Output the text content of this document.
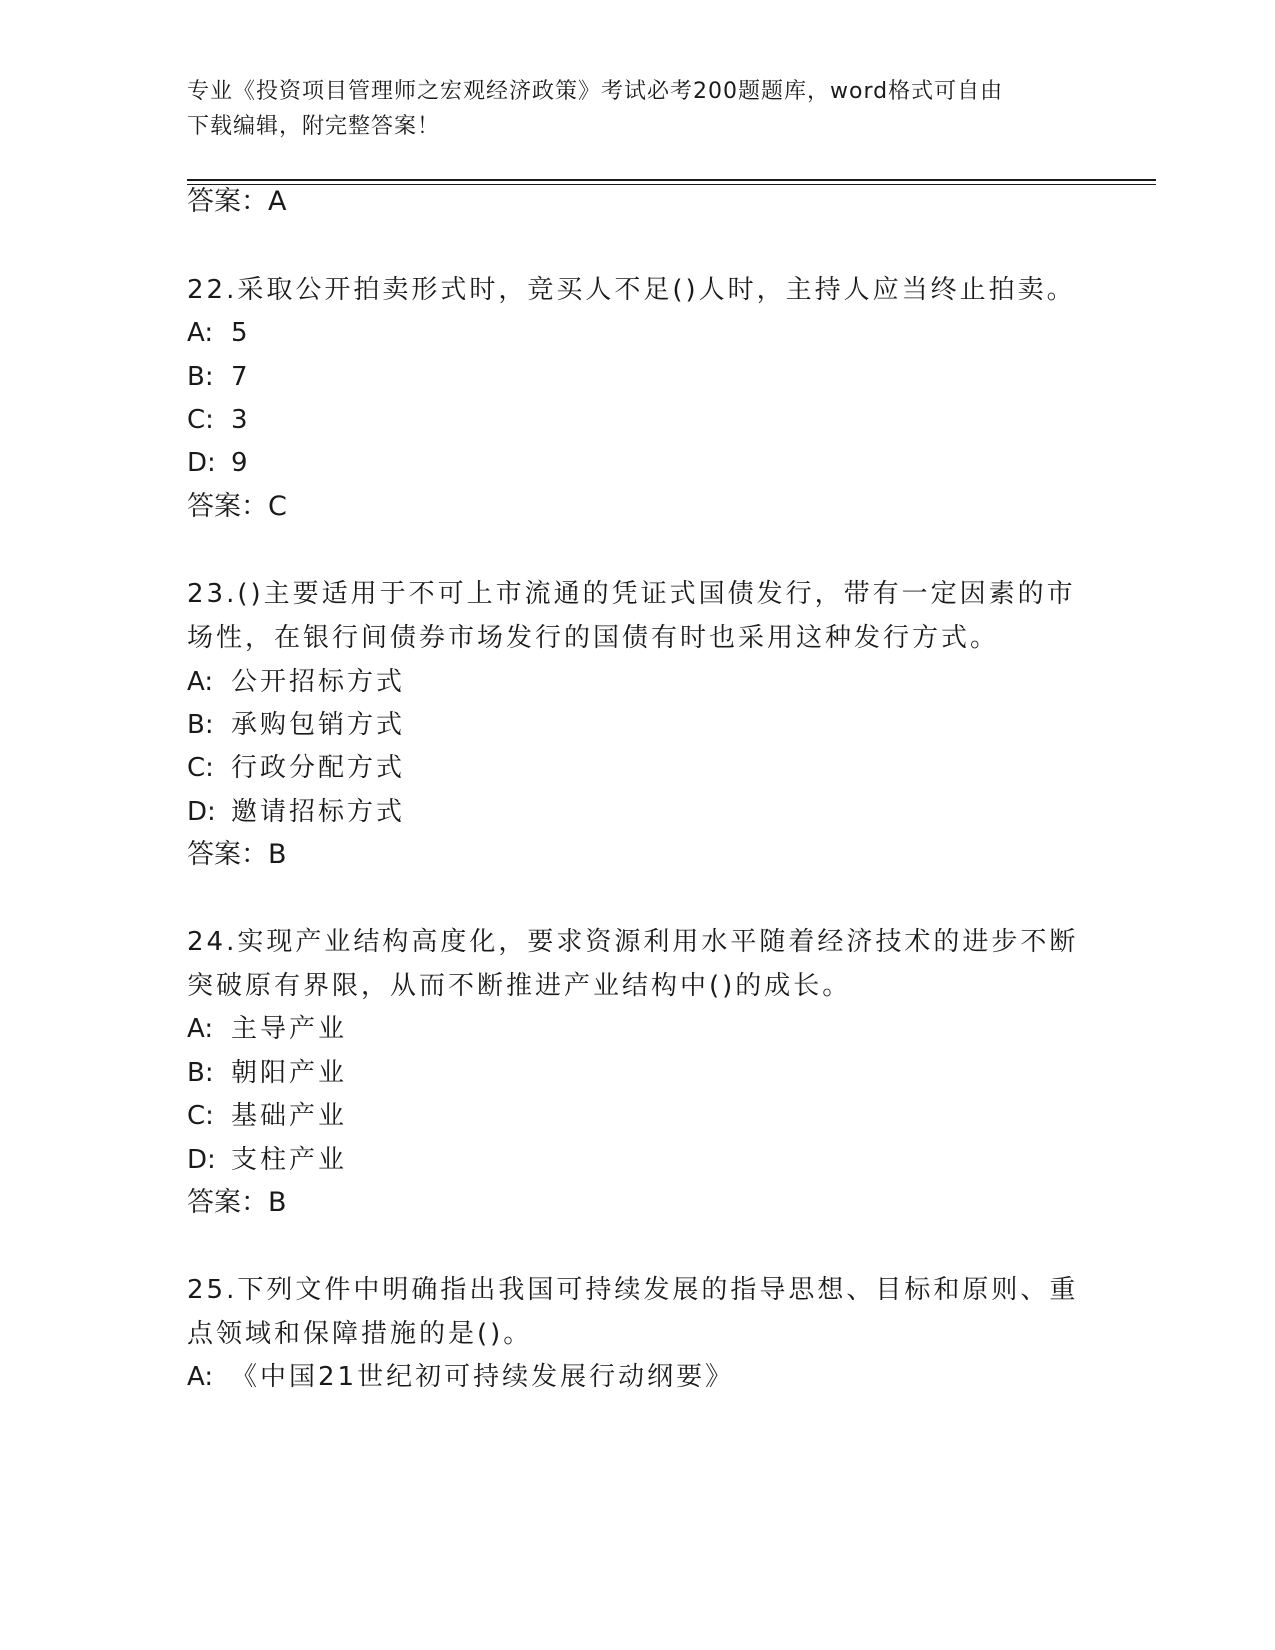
专业《投资项目管理师之宏观经济政策》考试必考200题题库，word格式可自由
下载编辑，附完整答案！
答案：A
22.采取公开拍卖形式时，竞买人不足()人时，主持人应当终止拍卖。
A: 5
B: 7
C: 3
D: 9
答案：C
23.()主要适用于不可上市流通的凭证式国债发行，带有一定因素的市
场性，在银行间债券市场发行的国债有时也采用这种发行方式。
A: 公开招标方式
B: 承购包销方式
C: 行政分配方式
D: 邀请招标方式
答案：B
24.实现产业结构高度化，要求资源利用水平随着经济技术的进步不断
突破原有界限，从而不断推进产业结构中()的成长。
A: 主导产业
B: 朝阳产业
C: 基础产业
D: 支柱产业
答案：B
25.下列文件中明确指出我国可持续发展的指导思想、目标和原则、重
点领域和保障措施的是()。
A: 《中国21世纪初可持续发展行动纲要》
